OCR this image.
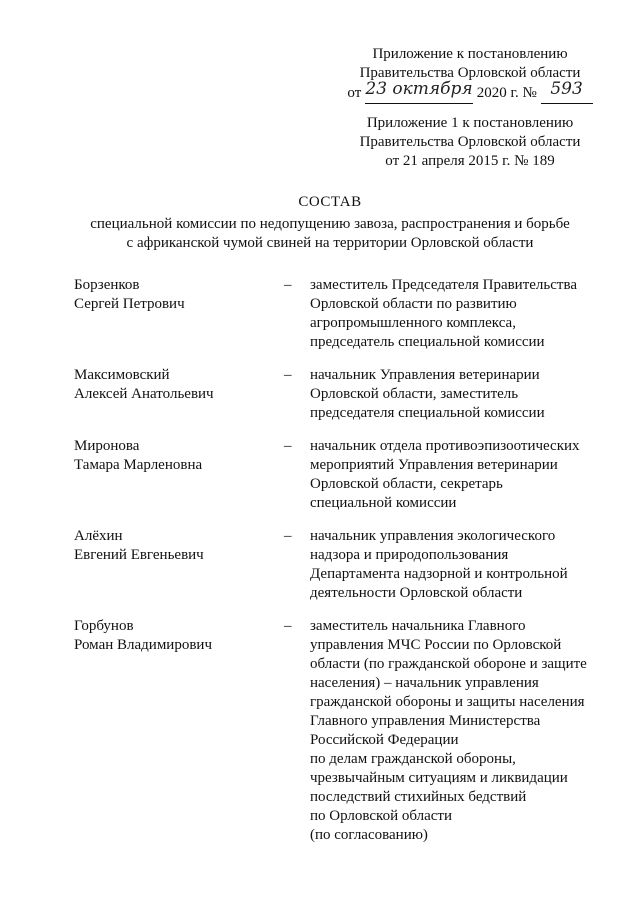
Приложение к постановлению
Правительства Орловской области
от 23 октября 2020 г. № 593
Приложение 1 к постановлению
Правительства Орловской области
от 21 апреля 2015 г. № 189
СОСТАВ
специальной комиссии по недопущению завоза, распространения и борьбе
с африканской чумой свиней на территории Орловской области
Борзенков
Сергей Петрович
–	заместитель Председателя Правительства
Орловской области по развитию
агропромышленного комплекса,
председатель специальной комиссии
Максимовский
Алексей Анатольевич
–	начальник Управления ветеринарии
Орловской области, заместитель
председателя специальной комиссии
Миронова
Тамара Марленовна
–	начальник отдела противоэпизоотических
мероприятий Управления ветеринарии
Орловской области, секретарь
специальной комиссии
Алёхин
Евгений Евгеньевич
–	начальник управления экологического
надзора и природопользования
Департамента надзорной и контрольной
деятельности Орловской области
Горбунов
Роман Владимирович
–	заместитель начальника Главного
управления МЧС России по Орловской
области (по гражданской обороне и защите
населения) – начальник управления
гражданской обороны и защиты населения
Главного управления Министерства
Российской Федерации
по делам гражданской обороны,
чрезвычайным ситуациям и ликвидации
последствий стихийных бедствий
по Орловской области
(по согласованию)
